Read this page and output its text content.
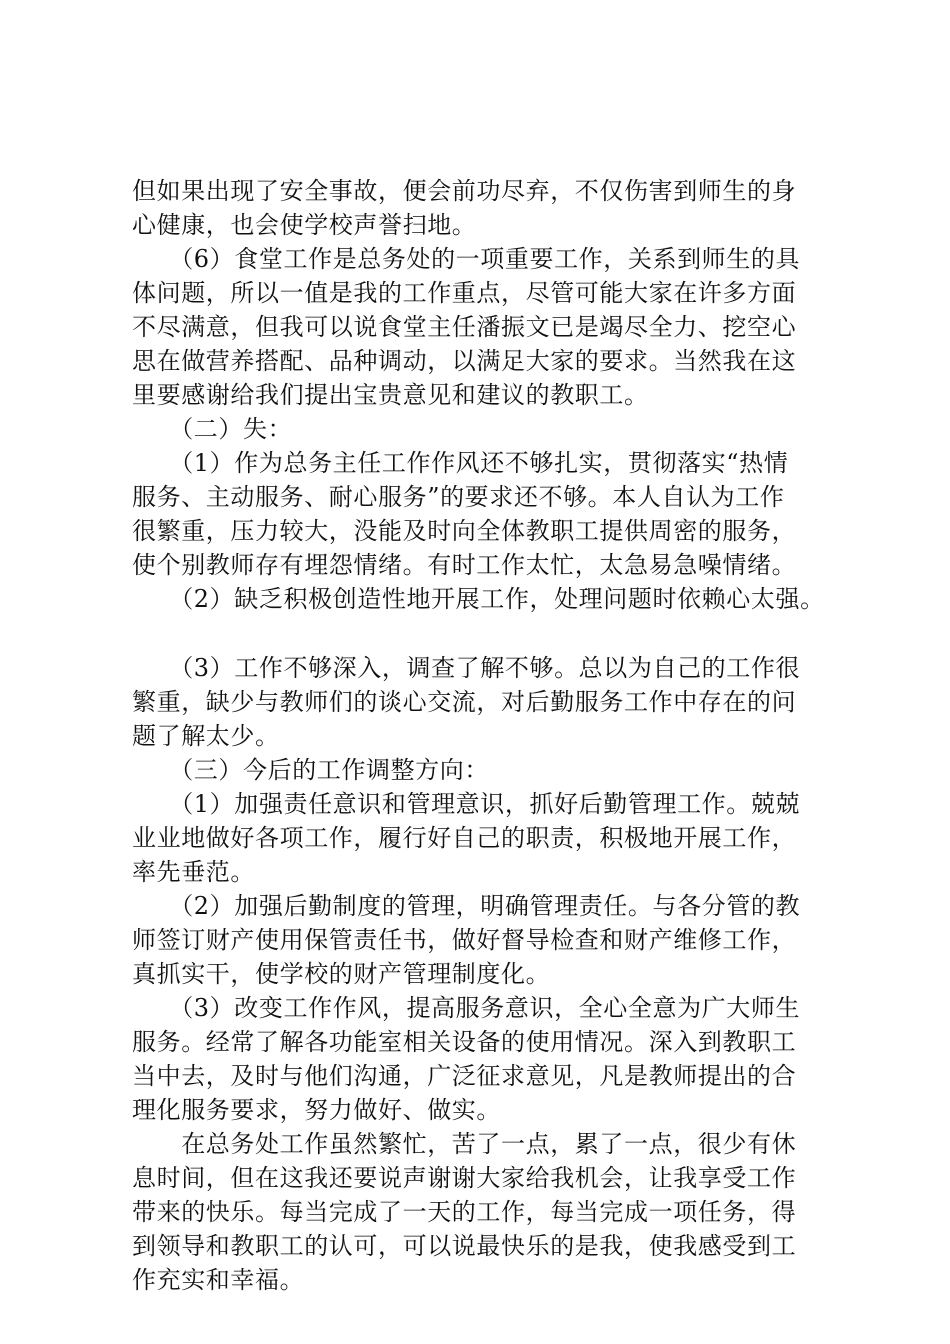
但如果出现了安全事故，便会前功尽弃，不仅伤害到师生的身
心健康，也会使学校声誉扫地。
　　（6）食堂工作是总务处的一项重要工作，关系到师生的具
体问题，所以一值是我的工作重点，尽管可能大家在许多方面
不尽满意，但我可以说食堂主任潘振文已是竭尽全力、挖空心
思在做营养搭配、品种调动，以满足大家的要求。当然我在这
里要感谢给我们提出宝贵意见和建议的教职工。
　　（二）失：
　　（1）作为总务主任工作作风还不够扎实，贯彻落实“热情
服务、主动服务、耐心服务”的要求还不够。本人自认为工作
很繁重，压力较大，没能及时向全体教职工提供周密的服务，
使个别教师存有埋怨情绪。有时工作太忙，太急易急噪情绪。
　　（2）缺乏积极创造性地开展工作，处理问题时依赖心太强。
　　（3）工作不够深入，调查了解不够。总以为自己的工作很
繁重，缺少与教师们的谈心交流，对后勤服务工作中存在的问
题了解太少。
　　（三）今后的工作调整方向：
　　（1）加强责任意识和管理意识，抓好后勤管理工作。兢兢
业业地做好各项工作，履行好自己的职责，积极地开展工作，
率先垂范。
　　（2）加强后勤制度的管理，明确管理责任。与各分管的教
师签订财产使用保管责任书，做好督导检查和财产维修工作，
真抓实干，使学校的财产管理制度化。
　　（3）改变工作作风，提高服务意识，全心全意为广大师生
服务。经常了解各功能室相关设备的使用情况。深入到教职工
当中去，及时与他们沟通，广泛征求意见，凡是教师提出的合
理化服务要求，努力做好、做实。
　　在总务处工作虽然繁忙，苦了一点，累了一点，很少有休
息时间，但在这我还要说声谢谢大家给我机会，让我享受工作
带来的快乐。每当完成了一天的工作，每当完成一项任务，得
到领导和教职工的认可，可以说最快乐的是我，使我感受到工
作充实和幸福。
